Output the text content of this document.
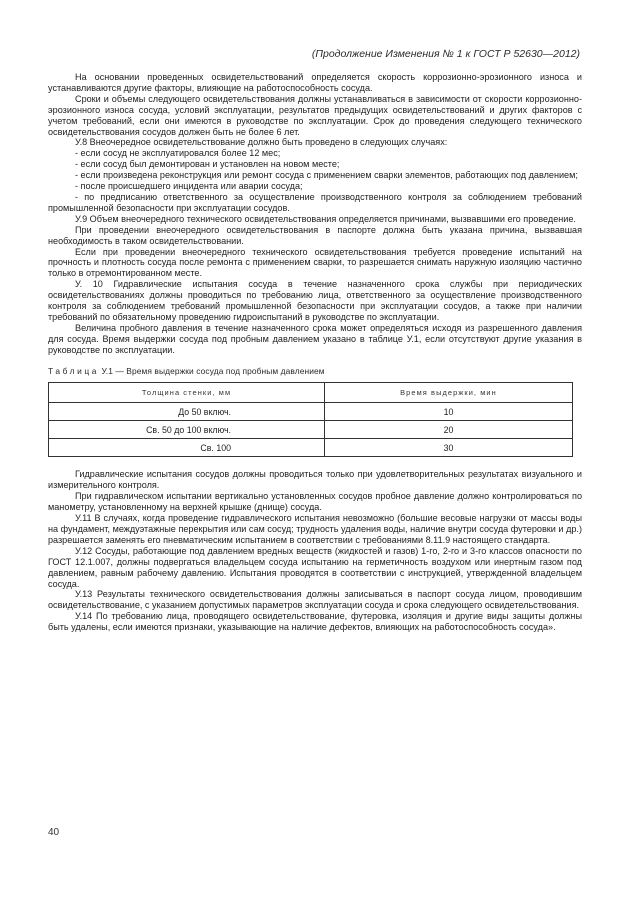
(Продолжение Изменения № 1 к ГОСТ Р 52630—2012)

На основании проведенных освидетельствований определяется скорость коррозионно-эрозионного износа и устанавливаются другие факторы, влияющие на работоспособность сосуда.

Сроки и объемы следующего освидетельствования должны устанавливаться в зависимости от скорости коррозионно-эрозионного износа сосуда, условий эксплуатации, результатов предыдущих освидетельствований и других факторов с учетом требований, если они имеются в руководстве по эксплуатации. Срок до проведения следующего технического освидетельствования сосудов должен быть не более 6 лет.

У.8 Внеочередное освидетельствование должно быть проведено в следующих случаях:

- если сосуд не эксплуатировался более 12 мес;

- если сосуд был демонтирован и установлен на новом месте;

- если произведена реконструкция или ремонт сосуда с применением сварки элементов, работающих под давлением;

- после происшедшего инцидента или аварии сосуда;

- по предписанию ответственного за осуществление производственного контроля за соблюдением требований промышленной безопасности при эксплуатации сосудов.

У.9 Объем внеочередного технического освидетельствования определяется причинами, вызвавшими его проведение.

При проведении внеочередного освидетельствования в паспорте должна быть указана причина, вызвавшая необходимость в таком освидетельствовании.

Если при проведении внеочередного технического освидетельствования требуется проведение испытаний на прочность и плотность сосуда после ремонта с применением сварки, то разрешается снимать наружную изоляцию частично только в отремонтированном месте.

У. 10 Гидравлические испытания сосуда в течение назначенного срока службы при периодических освидетельствованиях должны проводиться по требованию лица, ответственного за осуществление производственного контроля за соблюдением требований промышленной безопасности при эксплуатации сосудов, а также при наличии требований по обязательному проведению гидроиспытаний в руководстве по эксплуатации.

Величина пробного давления в течение назначенного срока может определяться исходя из разрешенного давления для сосуда. Время выдержки сосуда под пробным давлением указано в таблице У.1, если отсутствуют другие указания в руководстве по эксплуатации.

Таблица У.1 — Время выдержки сосуда под пробным давлением

Толщина стенки, мм	Время выдержки, мин
До 50 включ.	10
Св. 50 до 100 включ.	20
Св. 100	30

Гидравлические испытания сосудов должны проводиться только при удовлетворительных результатах визуального и измерительного контроля.

При гидравлическом испытании вертикально установленных сосудов пробное давление должно контролироваться по манометру, установленному на верхней крышке (днище) сосуда.

У.11 В случаях, когда проведение гидравлического испытания невозможно (большие весовые нагрузки от массы воды на фундамент, междуэтажные перекрытия или сам сосуд; трудность удаления воды, наличие внутри сосуда футеровки и др.) разрешается заменять его пневматическим испытанием в соответствии с требованиями 8.11.9 настоящего стандарта.

У.12 Сосуды, работающие под давлением вредных веществ (жидкостей и газов) 1-го, 2-го и 3-го классов опасности по ГОСТ 12.1.007, должны подвергаться владельцем сосуда испытанию на герметичность воздухом или инертным газом под давлением, равным рабочему давлению. Испытания проводятся в соответствии с инструкцией, утвержденной владельцем сосуда.

У.13 Результаты технического освидетельствования должны записываться в паспорт сосуда лицом, проводившим освидетельствование, с указанием допустимых параметров эксплуатации сосуда и срока следующего освидетельствования.

У.14 По требованию лица, проводящего освидетельствование, футеровка, изоляция и другие виды защиты должны быть удалены, если имеются признаки, указывающие на наличие дефектов, влияющих на работоспособность сосуда».

40
